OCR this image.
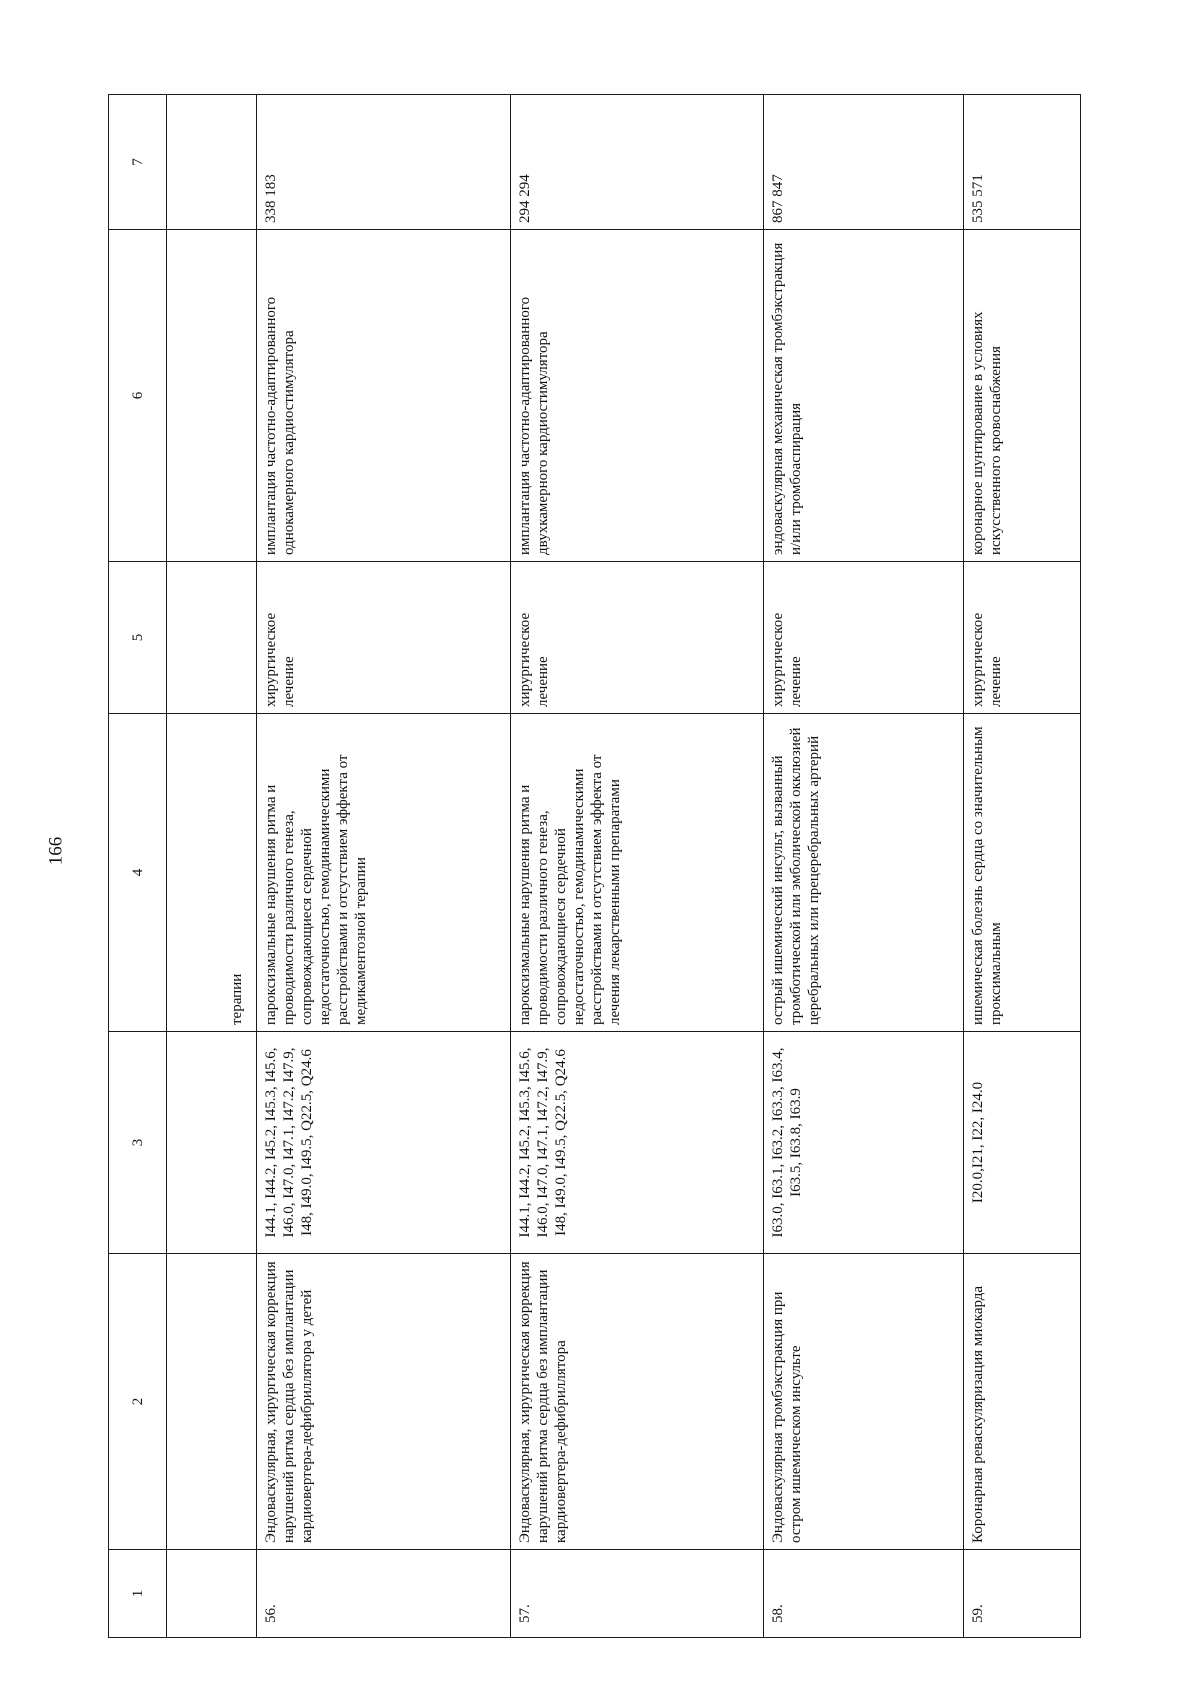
166
1	2	3	4	5	6	7
			терапии			
56.	Эндоваскулярная, хирургическая коррекция нарушений ритма сердца без имплантации кардиовертера-дефибриллятора у детей	I44.1, I44.2, I45.2, I45.3, I45.6, I46.0, I47.0, I47.1, I47.2, I47.9, I48, I49.0, I49.5, Q22.5, Q24.6	пароксизмальные нарушения ритма и проводимости различного генеза, сопровождающиеся сердечной недостаточностью, гемодинамическими расстройствами и отсутствием эффекта от медикаментозной терапии	хирургическое лечение	имплантация частотно-адаптированного однокамерного кардиостимулятора	338 183
57.	Эндоваскулярная, хирургическая коррекция нарушений ритма сердца без имплантации кардиовертера-дефибриллятора	I44.1, I44.2, I45.2, I45.3, I45.6, I46.0, I47.0, I47.1, I47.2, I47.9, I48, I49.0, I49.5, Q22.5, Q24.6	пароксизмальные нарушения ритма и проводимости различного генеза, сопровождающиеся сердечной недостаточностью, гемодинамическими расстройствами и отсутствием эффекта от лечения лекарственными препаратами	хирургическое лечение	имплантация частотно-адаптированного двухкамерного кардиостимулятора	294 294
58.	Эндоваскулярная тромбэкстракция при остром ишемическом инсульте	I63.0, I63.1, I63.2, I63.3, I63.4, I63.5, I63.8, I63.9	острый ишемический инсульт, вызванный тромботической или эмболической окклюзией церебральных или прецеребральных артерий	хирургическое лечение	эндоваскулярная механическая тромбэкстракция и/или тромбоаспирация	867 847
59.	Коронарная реваскуляризация миокарда	I20.0,I21, I22, I24.0	ишемическая болезнь сердца со значительным проксимальным	хирургическое лечение	коронарное шунтирование в условиях искусственного кровоснабжения	535 571
